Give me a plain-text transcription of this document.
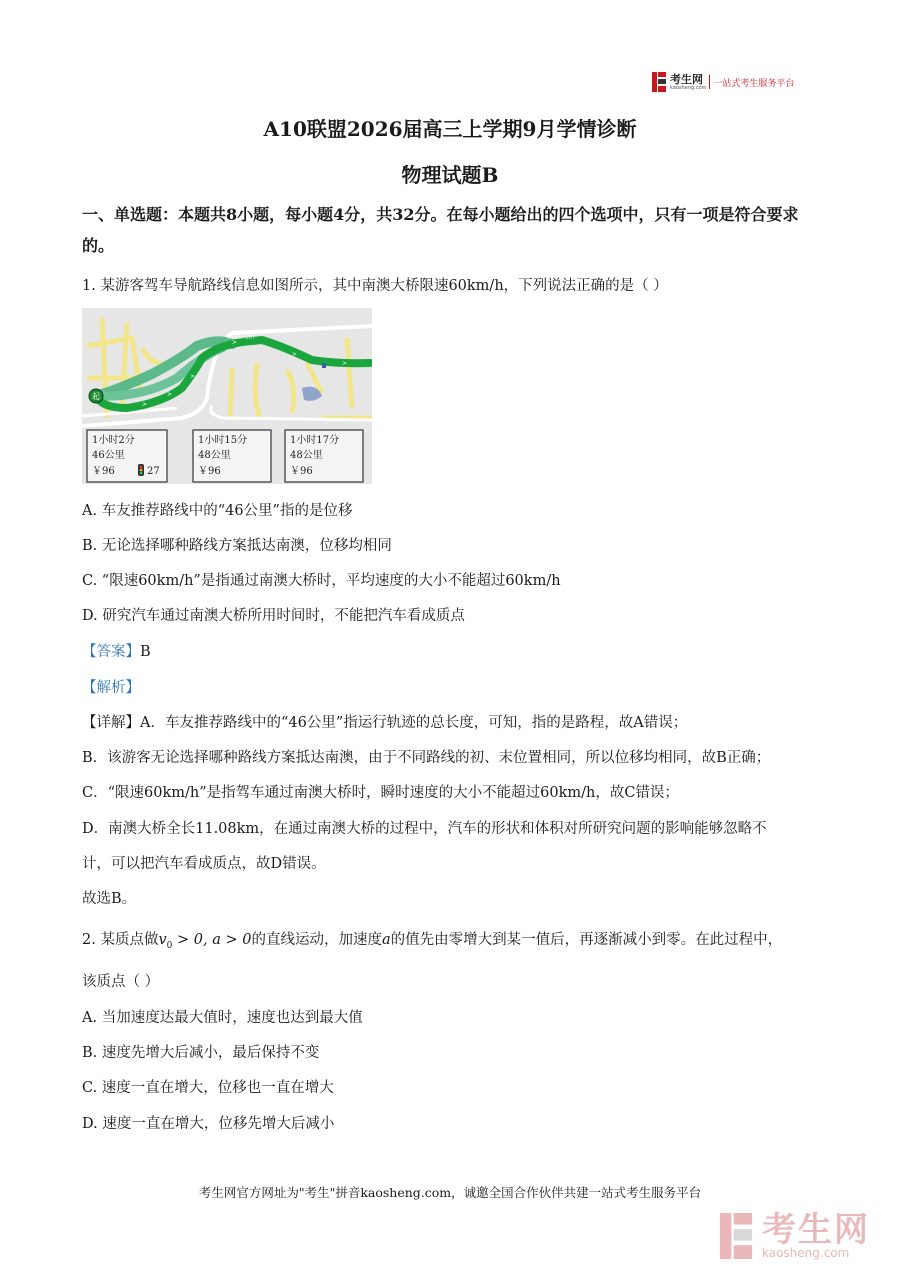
考生网
kaosheng.com 一站式考生服务平台
A10联盟2026届高三上学期9月学情诊断
物理试题B
一、单选题：本题共8小题，每小题4分，共32分。在每小题给出的四个选项中，只有一项是符合要求的。
1. 某游客驾车导航路线信息如图所示，其中南澳大桥限速60km/h，下列说法正确的是（ ）
>
>
>
>
>
>
南澳大桥
起
1小时2分
46公里
￥96	27
1小时15分
48公里
￥96
1小时17分
48公里
￥96
A. 车友推荐路线中的“46公里”指的是位移
B. 无论选择哪种路线方案抵达南澳，位移均相同
C. “限速60km/h”是指通过南澳大桥时，平均速度的大小不能超过60km/h
D. 研究汽车通过南澳大桥所用时间时，不能把汽车看成质点
【答案】B
【解析】
【详解】A．车友推荐路线中的“46公里”指运行轨迹的总长度，可知，指的是路程，故A错误；
B．该游客无论选择哪种路线方案抵达南澳，由于不同路线的初、末位置相同，所以位移均相同，故B正确；
C．“限速60km/h”是指驾车通过南澳大桥时，瞬时速度的大小不能超过60km/h，故C错误；
D．南澳大桥全长11.08km，在通过南澳大桥的过程中，汽车的形状和体积对所研究问题的影响能够忽略不
计，可以把汽车看成质点，故D错误。
故选B。
2. 某质点做$v_0 > 0$, a > 0的直线运动，加速度a的值先由零增大到某一值后，再逐渐减小到零。在此过程中，
该质点（ ）
A. 当加速度达最大值时，速度也达到最大值
B. 速度先增大后减小，最后保持不变
C. 速度一直在增大，位移也一直在增大
D. 速度一直在增大，位移先增大后减小
考生网官方网址为"考生"拼音kaosheng.com，诚邀全国合作伙伴共建一站式考生服务平台
考生网
kaosheng.com
